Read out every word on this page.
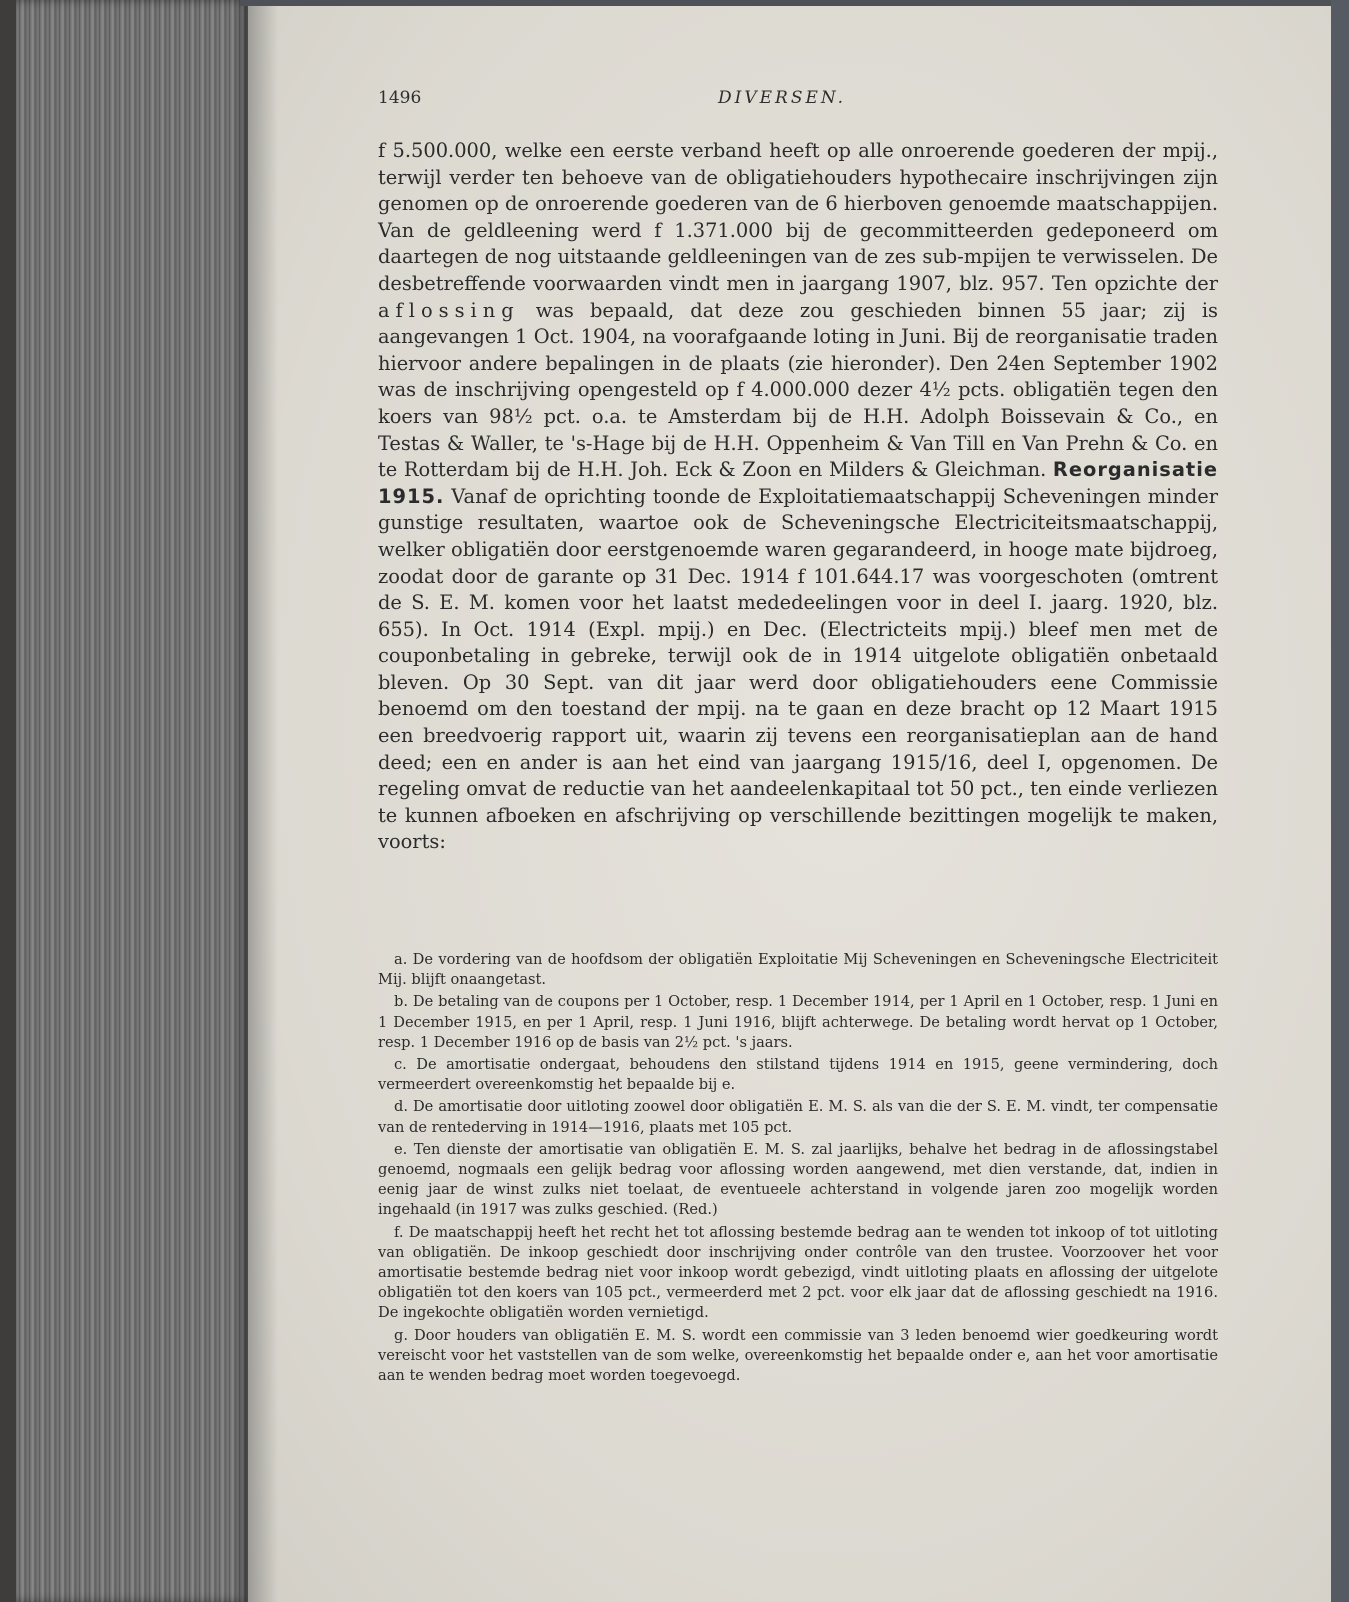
1496	DIVERSEN.

f 5.500.000, welke een eerste verband heeft op alle onroerende goederen der mpij., terwijl verder ten behoeve van de obligatiehouders hypothecaire inschrijvingen zijn genomen op de onroerende goederen van de 6 hierboven genoemde maatschappijen. Van de geldleening werd f 1.371.000 bij de gecommitteerden gedeponeerd om daartegen de nog uitstaande geldleeningen van de zes sub-mpijen te verwisselen. De desbetreffende voorwaarden vindt men in jaargang 1907, blz. 957. Ten opzichte der aflossing was bepaald, dat deze zou geschieden binnen 55 jaar; zij is aangevangen 1 Oct. 1904, na voorafgaande loting in Juni. Bij de reorganisatie traden hiervoor andere bepalingen in de plaats (zie hieronder). Den 24en September 1902 was de inschrijving opengesteld op f 4.000.000 dezer 4½ pcts. obligatiën tegen den koers van 98½ pct. o.a. te Amsterdam bij de H.H. Adolph Boissevain & Co., en Testas & Waller, te 's-Hage bij de H.H. Oppenheim & Van Till en Van Prehn & Co. en te Rotterdam bij de H.H. Joh. Eck & Zoon en Milders & Gleichman. Reorganisatie 1915. Vanaf de oprichting toonde de Exploitatiemaatschappij Scheveningen minder gunstige resultaten, waartoe ook de Scheveningsche Electriciteitsmaatschappij, welker obligatiën door eerstgenoemde waren gegarandeerd, in hooge mate bijdroeg, zoodat door de garante op 31 Dec. 1914 f 101.644.17 was voorgeschoten (omtrent de S. E. M. komen voor het laatst mededeelingen voor in deel I. jaarg. 1920, blz. 655). In Oct. 1914 (Expl. mpij.) en Dec. (Electricteits mpij.) bleef men met de couponbetaling in gebreke, terwijl ook de in 1914 uitgelote obligatiën onbetaald bleven. Op 30 Sept. van dit jaar werd door obligatiehouders eene Commissie benoemd om den toestand der mpij. na te gaan en deze bracht op 12 Maart 1915 een breedvoerig rapport uit, waarin zij tevens een reorganisatieplan aan de hand deed; een en ander is aan het eind van jaargang 1915/16, deel I, opgenomen. De regeling omvat de reductie van het aandeelenkapitaal tot 50 pct., ten einde verliezen te kunnen afboeken en afschrijving op verschillende bezittingen mogelijk te maken, voorts:

a. De vordering van de hoofdsom der obligatiën Exploitatie Mij Scheveningen en Scheveningsche Electriciteit Mij. blijft onaangetast.

b. De betaling van de coupons per 1 October, resp. 1 December 1914, per 1 April en 1 October, resp. 1 Juni en 1 December 1915, en per 1 April, resp. 1 Juni 1916, blijft achterwege. De betaling wordt hervat op 1 October, resp. 1 December 1916 op de basis van 2½ pct. 's jaars.

c. De amortisatie ondergaat, behoudens den stilstand tijdens 1914 en 1915, geene vermindering, doch vermeerdert overeenkomstig het bepaalde bij e.

d. De amortisatie door uitloting zoowel door obligatiën E. M. S. als van die der S. E. M. vindt, ter compensatie van de rentederving in 1914—1916, plaats met 105 pct.

e. Ten dienste der amortisatie van obligatiën E. M. S. zal jaarlijks, behalve het bedrag in de aflossingstabel genoemd, nogmaals een gelijk bedrag voor aflossing worden aangewend, met dien verstande, dat, indien in eenig jaar de winst zulks niet toelaat, de eventueele achterstand in volgende jaren zoo mogelijk worden ingehaald (in 1917 was zulks geschied. (Red.)

f. De maatschappij heeft het recht het tot aflossing bestemde bedrag aan te wenden tot inkoop of tot uitloting van obligatiën. De inkoop geschiedt door inschrijving onder contrôle van den trustee. Voorzoover het voor amortisatie bestemde bedrag niet voor inkoop wordt gebezigd, vindt uitloting plaats en aflossing der uitgelote obligatiën tot den koers van 105 pct., vermeerderd met 2 pct. voor elk jaar dat de aflossing geschiedt na 1916. De ingekochte obligatiën worden vernietigd.

g. Door houders van obligatiën E. M. S. wordt een commissie van 3 leden benoemd wier goedkeuring wordt vereischt voor het vaststellen van de som welke, overeenkomstig het bepaalde onder e, aan het voor amortisatie aan te wenden bedrag moet worden toegevoegd.
